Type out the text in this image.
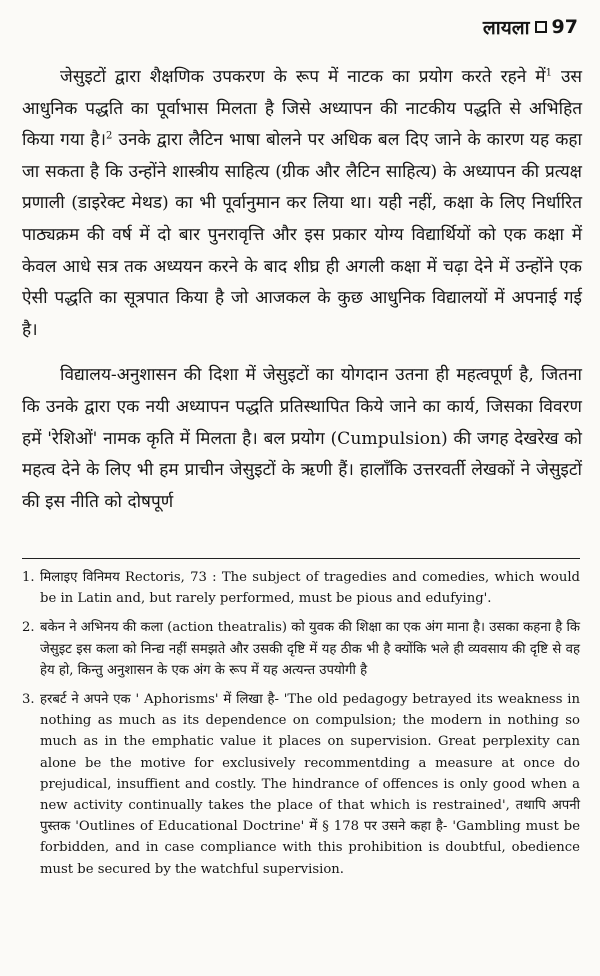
लायला 97

जेसुइटों द्वारा शैक्षणिक उपकरण के रूप में नाटक का प्रयोग करते रहने में$^1$ उस आधुनिक पद्धति का पूर्वाभास मिलता है जिसे अध्यापन की नाटकीय पद्धति से अभिहित किया गया है।$^2$ उनके द्वारा लैटिन भाषा बोलने पर अधिक बल दिए जाने के कारण यह कहा जा सकता है कि उन्होंने शास्त्रीय साहित्य (ग्रीक और लैटिन साहित्य) के अध्यापन की प्रत्यक्ष प्रणाली (डाइरेक्ट मेथड) का भी पूर्वानुमान कर लिया था। यही नहीं, कक्षा के लिए निर्धारित पाठ्यक्रम की वर्ष में दो बार पुनरावृत्ति और इस प्रकार योग्य विद्यार्थियों को एक कक्षा में केवल आधे सत्र तक अध्ययन करने के बाद शीघ्र ही अगली कक्षा में चढ़ा देने में उन्होंने एक ऐसी पद्धति का सूत्रपात किया है जो आजकल के कुछ आधुनिक विद्यालयों में अपनाई गई है।

विद्यालय-अनुशासन की दिशा में जेसुइटों का योगदान उतना ही महत्वपूर्ण है, जितना कि उनके द्वारा एक नयी अध्यापन पद्धति प्रतिस्थापित किये जाने का कार्य, जिसका विवरण हमें 'रेशिओं' नामक कृति में मिलता है। बल प्रयोग (Cumpulsion) की जगह देखरेख को महत्व देने के लिए भी हम प्राचीन जेसुइटों के ऋणी हैं। हालाँकि उत्तरवर्ती लेखकों ने जेसुइटों की इस नीति को दोषपूर्ण

1. मिलाइए विनिमय Rectoris, 73 : The subject of tragedies and comedies, which would be in Latin and, but rarely performed, must be pious and edufying'.
2. बकेन ने अभिनय की कला (action theatralis) को युवक की शिक्षा का एक अंग माना है। उसका कहना है कि जेसुइट इस कला को निन्द्य नहीं समझते और उसकी दृष्टि में यह ठीक भी है क्योंकि भले ही व्यवसाय की दृष्टि से वह हेय हो, किन्तु अनुशासन के एक अंग के रूप में यह अत्यन्त उपयोगी है
3. हरबर्ट ने अपने एक ' Aphorisms' में लिखा है- 'The old pedagogy betrayed its weakness in nothing as much as its dependence on compulsion; the modern in nothing so much as in the emphatic value it places on supervision. Great perplexity can alone be the motive for exclusively recommentding a measure at once do prejudical, insuffient and costly. The hindrance of offences is only good when a new activity continually takes the place of that which is restrained', तथापि अपनी पुस्तक 'Outlines of Educational Doctrine' में § 178 पर उसने कहा है- 'Gambling must be forbidden, and in case compliance with this prohibition is doubtful, obedience must be secured by the watchful supervision.
